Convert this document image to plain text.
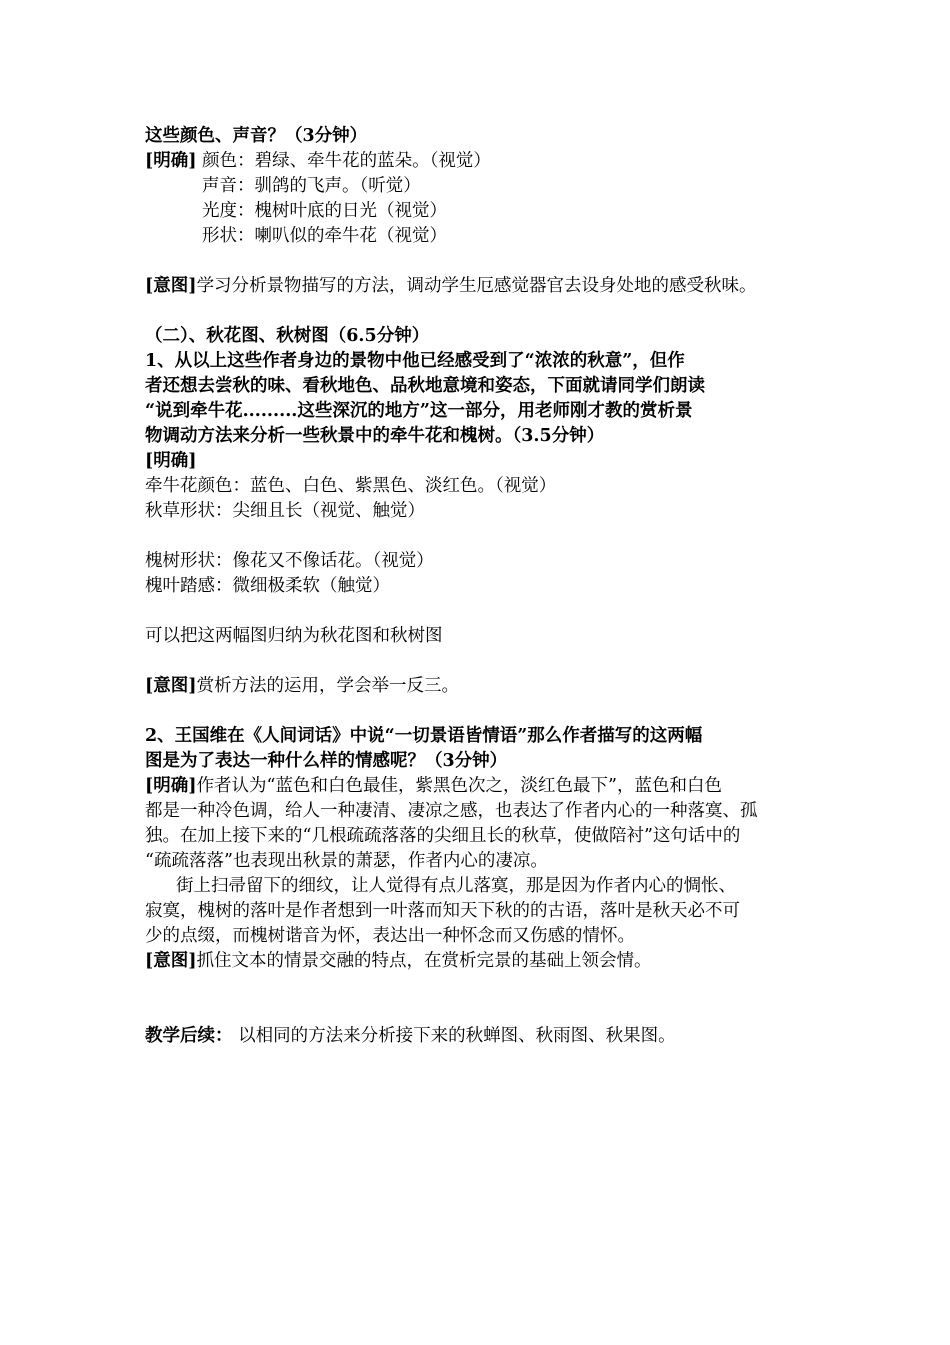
这些颜色、声音？（3分钟）
[明确] 颜色：碧绿、牵牛花的蓝朵。（视觉）
声音：驯鸽的飞声。（听觉）
光度：槐树叶底的日光（视觉）
形状：喇叭似的牵牛花（视觉）
[意图]学习分析景物描写的方法，调动学生厄感觉器官去设身处地的感受秋味。
（二）、秋花图、秋树图（6.5分钟）
1、从以上这些作者身边的景物中他已经感受到了“浓浓的秋意”，但作
者还想去尝秋的味、看秋地色、品秋地意境和姿态，下面就请同学们朗读
“说到牵牛花.........这些深沉的地方”这一部分，用老师刚才教的赏析景
物调动方法来分析一些秋景中的牵牛花和槐树。（3.5分钟）
[明确]
牵牛花颜色：蓝色、白色、紫黑色、淡红色。（视觉）
秋草形状：尖细且长（视觉、触觉）
槐树形状：像花又不像话花。（视觉）
槐叶踏感：微细极柔软（触觉）
可以把这两幅图归纳为秋花图和秋树图
[意图]赏析方法的运用，学会举一反三。
2、王国维在《人间词话》中说“一切景语皆情语”那么作者描写的这两幅
图是为了表达一种什么样的情感呢？（3分钟）
[明确]作者认为“蓝色和白色最佳，紫黑色次之，淡红色最下”，蓝色和白色
都是一种冷色调，给人一种凄清、凄凉之感，也表达了作者内心的一种落寞、孤
独。在加上接下来的“几根疏疏落落的尖细且长的秋草，使做陪衬”这句话中的
“疏疏落落”也表现出秋景的萧瑟，作者内心的凄凉。
街上扫帚留下的细纹，让人觉得有点儿落寞，那是因为作者内心的惆怅、
寂寞，槐树的落叶是作者想到一叶落而知天下秋的的古语，落叶是秋天必不可
少的点缀，而槐树谐音为怀，表达出一种怀念而又伤感的情怀。
[意图]抓住文本的情景交融的特点，在赏析完景的基础上领会情。
教学后续： 以相同的方法来分析接下来的秋蝉图、秋雨图、秋果图。
